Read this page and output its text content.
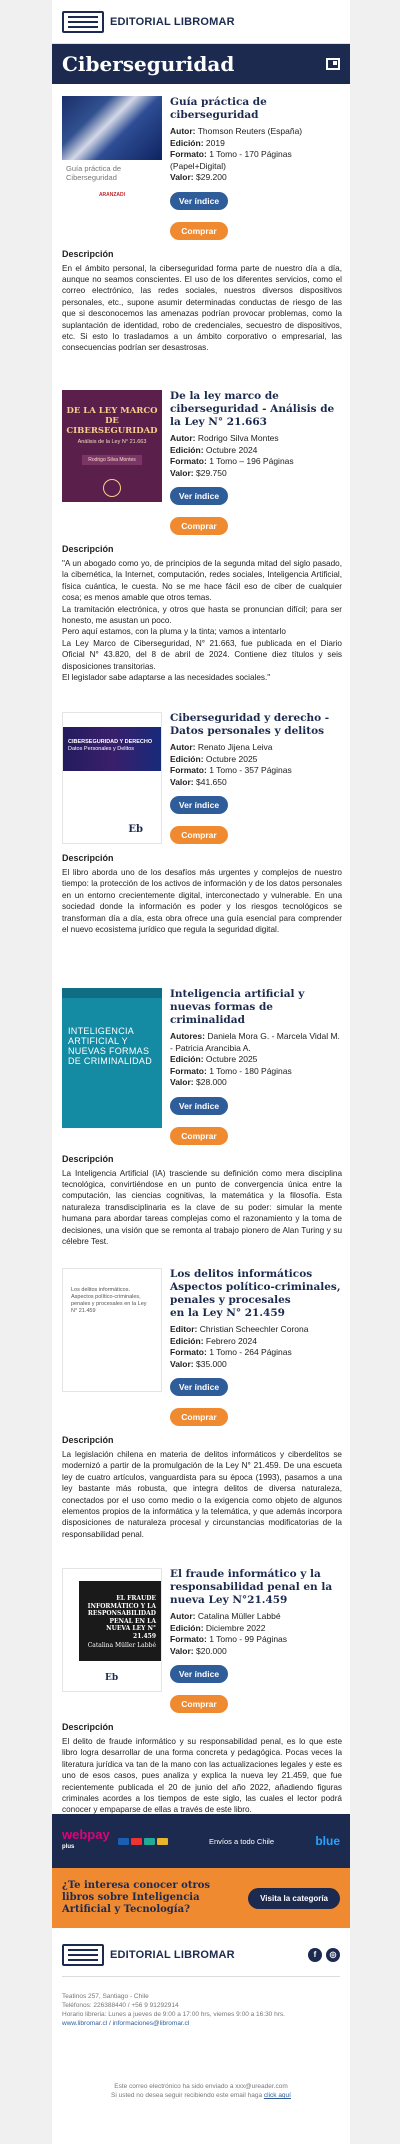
EDITORIAL LIBROMAR
Ciberseguridad
Guía práctica de Ciberseguridad
ARANZADI
Guía práctica de ciberseguridad
Autor: Thomson Reuters (España)
Edición: 2019
Formato: 1 Tomo - 170 Páginas (Papel+Digital)
Valor: $29.200
Ver índice
Comprar
Descripción
En el ámbito personal, la ciberseguridad forma parte de nuestro día a día, aunque no seamos conscientes. El uso de los diferentes servicios, como el correo electrónico, las redes sociales, nuestros diversos dispositivos personales, etc., supone asumir determinadas conductas de riesgo de las que si desconocemos las amenazas podrían provocar problemas, como la suplantación de identidad, robo de credenciales, secuestro de dispositivos, etc. Si esto lo trasladamos a un ámbito corporativo o empresarial, las consecuencias podrían ser desastrosas.
DE LA LEY MARCO DE CIBERSEGURIDAD
Análisis de la Ley N° 21.663
Rodrigo Silva Montes
De la ley marco de ciberseguridad - Análisis de la Ley N° 21.663
Autor: Rodrigo Silva Montes
Edición: Octubre 2024
Formato: 1 Tomo – 196 Páginas
Valor: $29.750
Ver índice
Comprar
Descripción

"A un abogado como yo, de principios de la segunda mitad del siglo pasado, la cibernética, la Internet, computación, redes sociales, Inteligencia Artificial, física cuántica, le cuesta. No se me hace fácil eso de ciber de cualquier cosa; es menos amable que otros temas.

La tramitación electrónica, y otros que hasta se pronuncian difícil; para ser honesto, me asustan un poco.

Pero aquí estamos, con la pluma y la tinta; vamos a intentarlo

La Ley Marco de Ciberseguridad, N° 21.663, fue publicada en el Diario Oficial N° 43.820, del 8 de abril de 2024. Contiene diez títulos y seis disposiciones transitorias.

El legislador sabe adaptarse a las necesidades sociales."

CIBERSEGURIDAD Y DERECHO
Datos Personales y Delitos
Eb
Ciberseguridad y derecho - Datos personales y delitos
Autor: Renato Jijena Leiva
Edición: Octubre 2025
Formato: 1 Tomo - 357 Páginas
Valor: $41.650
Ver índice
Comprar
Descripción
El libro aborda uno de los desafíos más urgentes y complejos de nuestro tiempo: la protección de los activos de información y de los datos personales en un entorno crecientemente digital, interconectado y vulnerable. En una sociedad donde la información es poder y los riesgos tecnológicos se transforman día a día, esta obra ofrece una guía esencial para comprender el nuevo ecosistema jurídico que regula la seguridad digital.
INTELIGENCIA ARTIFICIAL Y NUEVAS FORMAS DE CRIMINALIDAD
Inteligencia artificial y nuevas formas de criminalidad
Autores: Daniela Mora G. - Marcela Vidal M. - Patricia Arancibia A.
Edición: Octubre 2025
Formato: 1 Tomo - 180 Páginas
Valor: $28.000
Ver índice
Comprar
Descripción
La Inteligencia Artificial (IA) trasciende su definición como mera disciplina tecnológica, convirtiéndose en un punto de convergencia única entre la computación, las ciencias cognitivas, la matemática y la filosofía. Esta naturaleza transdisciplinaria es la clave de su poder: simular la mente humana para abordar tareas complejas como el razonamiento y la toma de decisiones, una visión que se remonta al trabajo pionero de Alan Turing y su célebre Test.
Los delitos informáticos. Aspectos político-criminales, penales y procesales en la Ley N° 21.459
Los delitos informáticos
Aspectos político-criminales, penales y procesales
en la Ley N° 21.459
Editor: Christian Scheechler Corona
Edición: Febrero 2024
Formato: 1 Tomo - 264 Páginas
Valor: $35.000
Ver índice
Comprar
Descripción
La legislación chilena en materia de delitos informáticos y ciberdelitos se modernizó a partir de la promulgación de la Ley N° 21.459. De una escueta ley de cuatro artículos, vanguardista para su época (1993), pasamos a una ley bastante más robusta, que integra delitos de diversa naturaleza, conectados por el uso como medio o la exigencia como objeto de algunos elementos propios de la informática y la telemática, y que además incorpora disposiciones de naturaleza procesal y circunstancias modificatorias de la responsabilidad penal.
EL FRAUDE INFORMÁTICO Y LA RESPONSABILIDAD PENAL EN LA NUEVA LEY N° 21.459
Catalina Müller Labbé
Eb
El fraude informático y la responsabilidad penal en la nueva Ley N°21.459
Autor: Catalina Müller Labbé
Edición: Diciembre 2022
Formato: 1 Tomo - 99 Páginas
Valor: $20.000
Ver índice
Comprar
Descripción
El delito de fraude informático y su responsabilidad penal, es lo que este libro logra desarrollar de una forma concreta y pedagógica. Pocas veces la literatura jurídica va tan de la mano con las actualizaciones legales y este es uno de esos casos, pues analiza y explica la nueva ley 21.459, que fue recientemente publicada el 20 de junio del año 2022, añadiendo figuras criminales acordes a los tiempos de este siglo, las cuales el lector podrá conocer y empaparse de ellas a través de este libro.
webpay
plus
Envíos a todo Chile	blue
¿Te interesa conocer otros libros sobre Inteligencia Artificial y Tecnología?
Visita la categoría
EDITORIAL LIBROMAR	f	◎
Teatinos 257, Santiago - Chile
Teléfonos: 226388440 / +56 9 91292914
Horario libreria: Lunes a jueves de 9:00 a 17:00 hrs, viernes 9:00 a 16:30 hrs.
www.libromar.cl / informaciones@libromar.cl
Este correo electrónico ha sido enviado a xxx@ureader.com
Si usted no desea seguir recibiendo este email haga click aquí
